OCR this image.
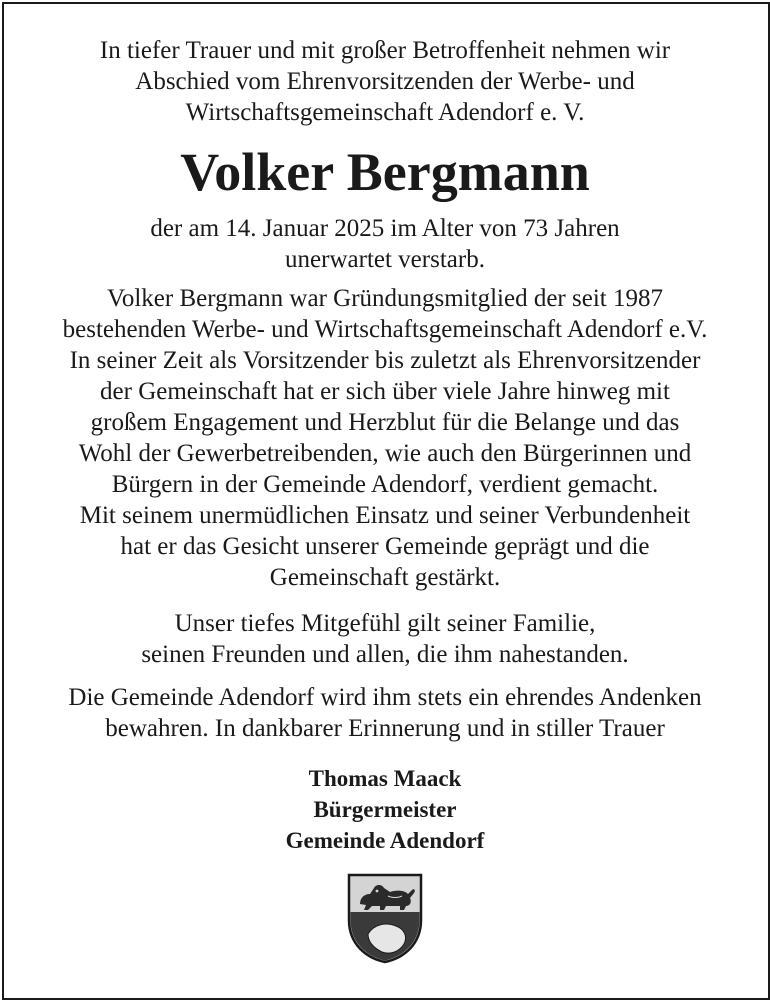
In tiefer Trauer und mit großer Betroffenheit nehmen wir
Abschied vom Ehrenvorsitzenden der Werbe- und
Wirtschaftsgemeinschaft Adendorf e. V.
Volker Bergmann
der am 14. Januar 2025 im Alter von 73 Jahren
unerwartet verstarb.
Volker Bergmann war Gründungsmitglied der seit 1987
bestehenden Werbe- und Wirtschaftsgemeinschaft Adendorf e.V.
In seiner Zeit als Vorsitzender bis zuletzt als Ehrenvorsitzender
der Gemeinschaft hat er sich über viele Jahre hinweg mit
großem Engagement und Herzblut für die Belange und das
Wohl der Gewerbetreibenden, wie auch den Bürgerinnen und
Bürgern in der Gemeinde Adendorf, verdient gemacht.
Mit seinem unermüdlichen Einsatz und seiner Verbundenheit
hat er das Gesicht unserer Gemeinde geprägt und die
Gemeinschaft gestärkt.
Unser tiefes Mitgefühl gilt seiner Familie,
seinen Freunden und allen, die ihm nahestanden.
Die Gemeinde Adendorf wird ihm stets ein ehrendes Andenken
bewahren. In dankbarer Erinnerung und in stiller Trauer
Thomas Maack
Bürgermeister
Gemeinde Adendorf
